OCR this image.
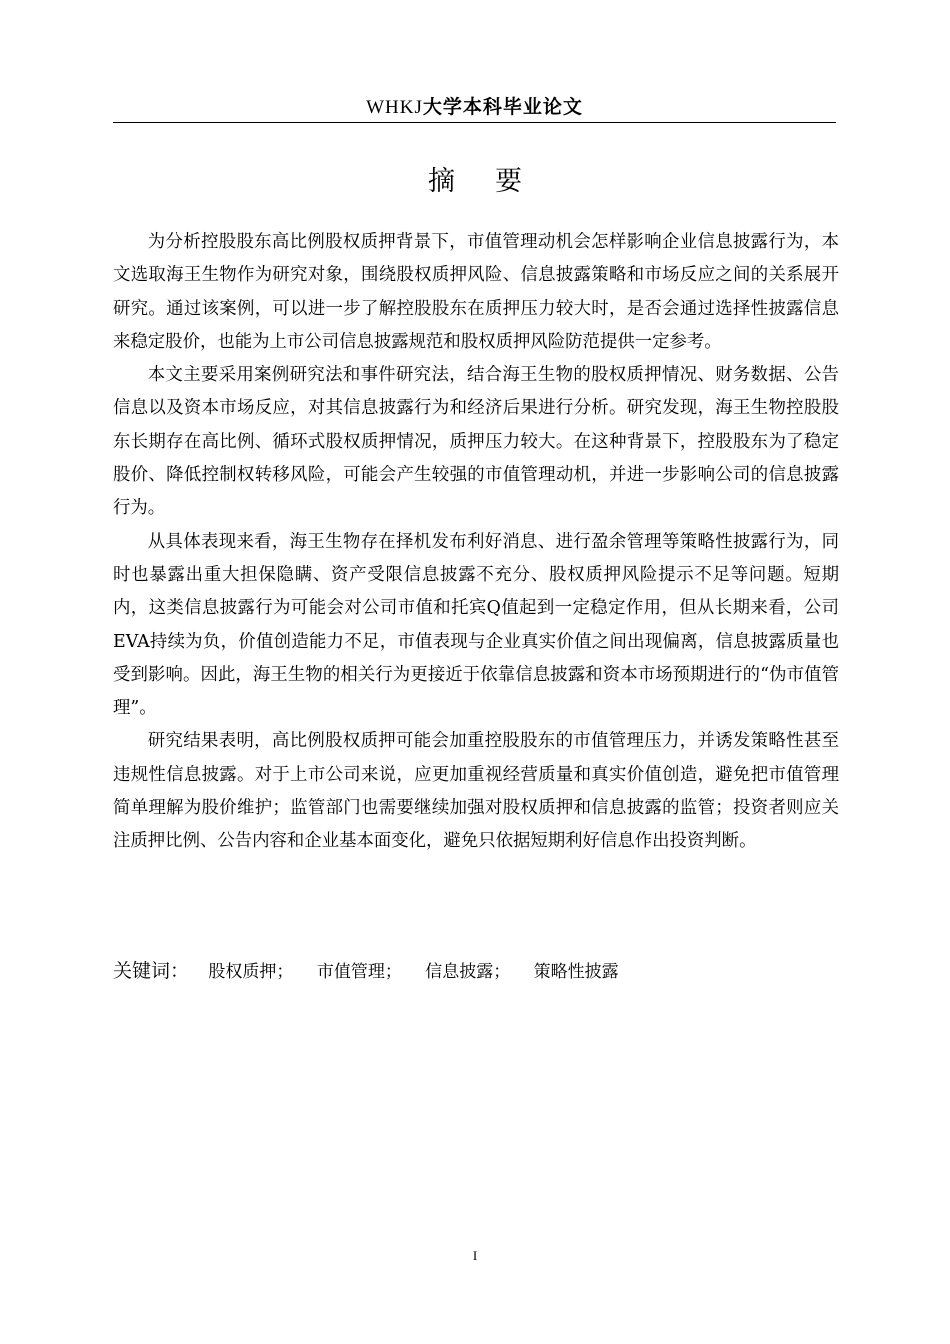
WHKJ大学本科毕业论文
摘要

为分析控股股东高比例股权质押背景下，市值管理动机会怎样影响企业信息披露行为，本文选取海王生物作为研究对象，围绕股权质押风险、信息披露策略和市场反应之间的关系展开研究。通过该案例，可以进一步了解控股股东在质押压力较大时，是否会通过选择性披露信息来稳定股价，也能为上市公司信息披露规范和股权质押风险防范提供一定参考。

本文主要采用案例研究法和事件研究法，结合海王生物的股权质押情况、财务数据、公告信息以及资本市场反应，对其信息披露行为和经济后果进行分析。研究发现，海王生物控股股东长期存在高比例、循环式股权质押情况，质押压力较大。在这种背景下，控股股东为了稳定股价、降低控制权转移风险，可能会产生较强的市值管理动机，并进一步影响公司的信息披露行为。

从具体表现来看，海王生物存在择机发布利好消息、进行盈余管理等策略性披露行为，同时也暴露出重大担保隐瞒、资产受限信息披露不充分、股权质押风险提示不足等问题。短期内，这类信息披露行为可能会对公司市值和托宾Q值起到一定稳定作用，但从长期来看，公司EVA持续为负，价值创造能力不足，市值表现与企业真实价值之间出现偏离，信息披露质量也受到影响。因此，海王生物的相关行为更接近于依靠信息披露和资本市场预期进行的“伪市值管理”。

研究结果表明，高比例股权质押可能会加重控股股东的市值管理压力，并诱发策略性甚至违规性信息披露。对于上市公司来说，应更加重视经营质量和真实价值创造，避免把市值管理简单理解为股价维护；监管部门也需要继续加强对股权质押和信息披露的监管；投资者则应关注质押比例、公告内容和企业基本面变化，避免只依据短期利好信息作出投资判断。

关键词： 股权质押； 市值管理； 信息披露； 策略性披露
I
